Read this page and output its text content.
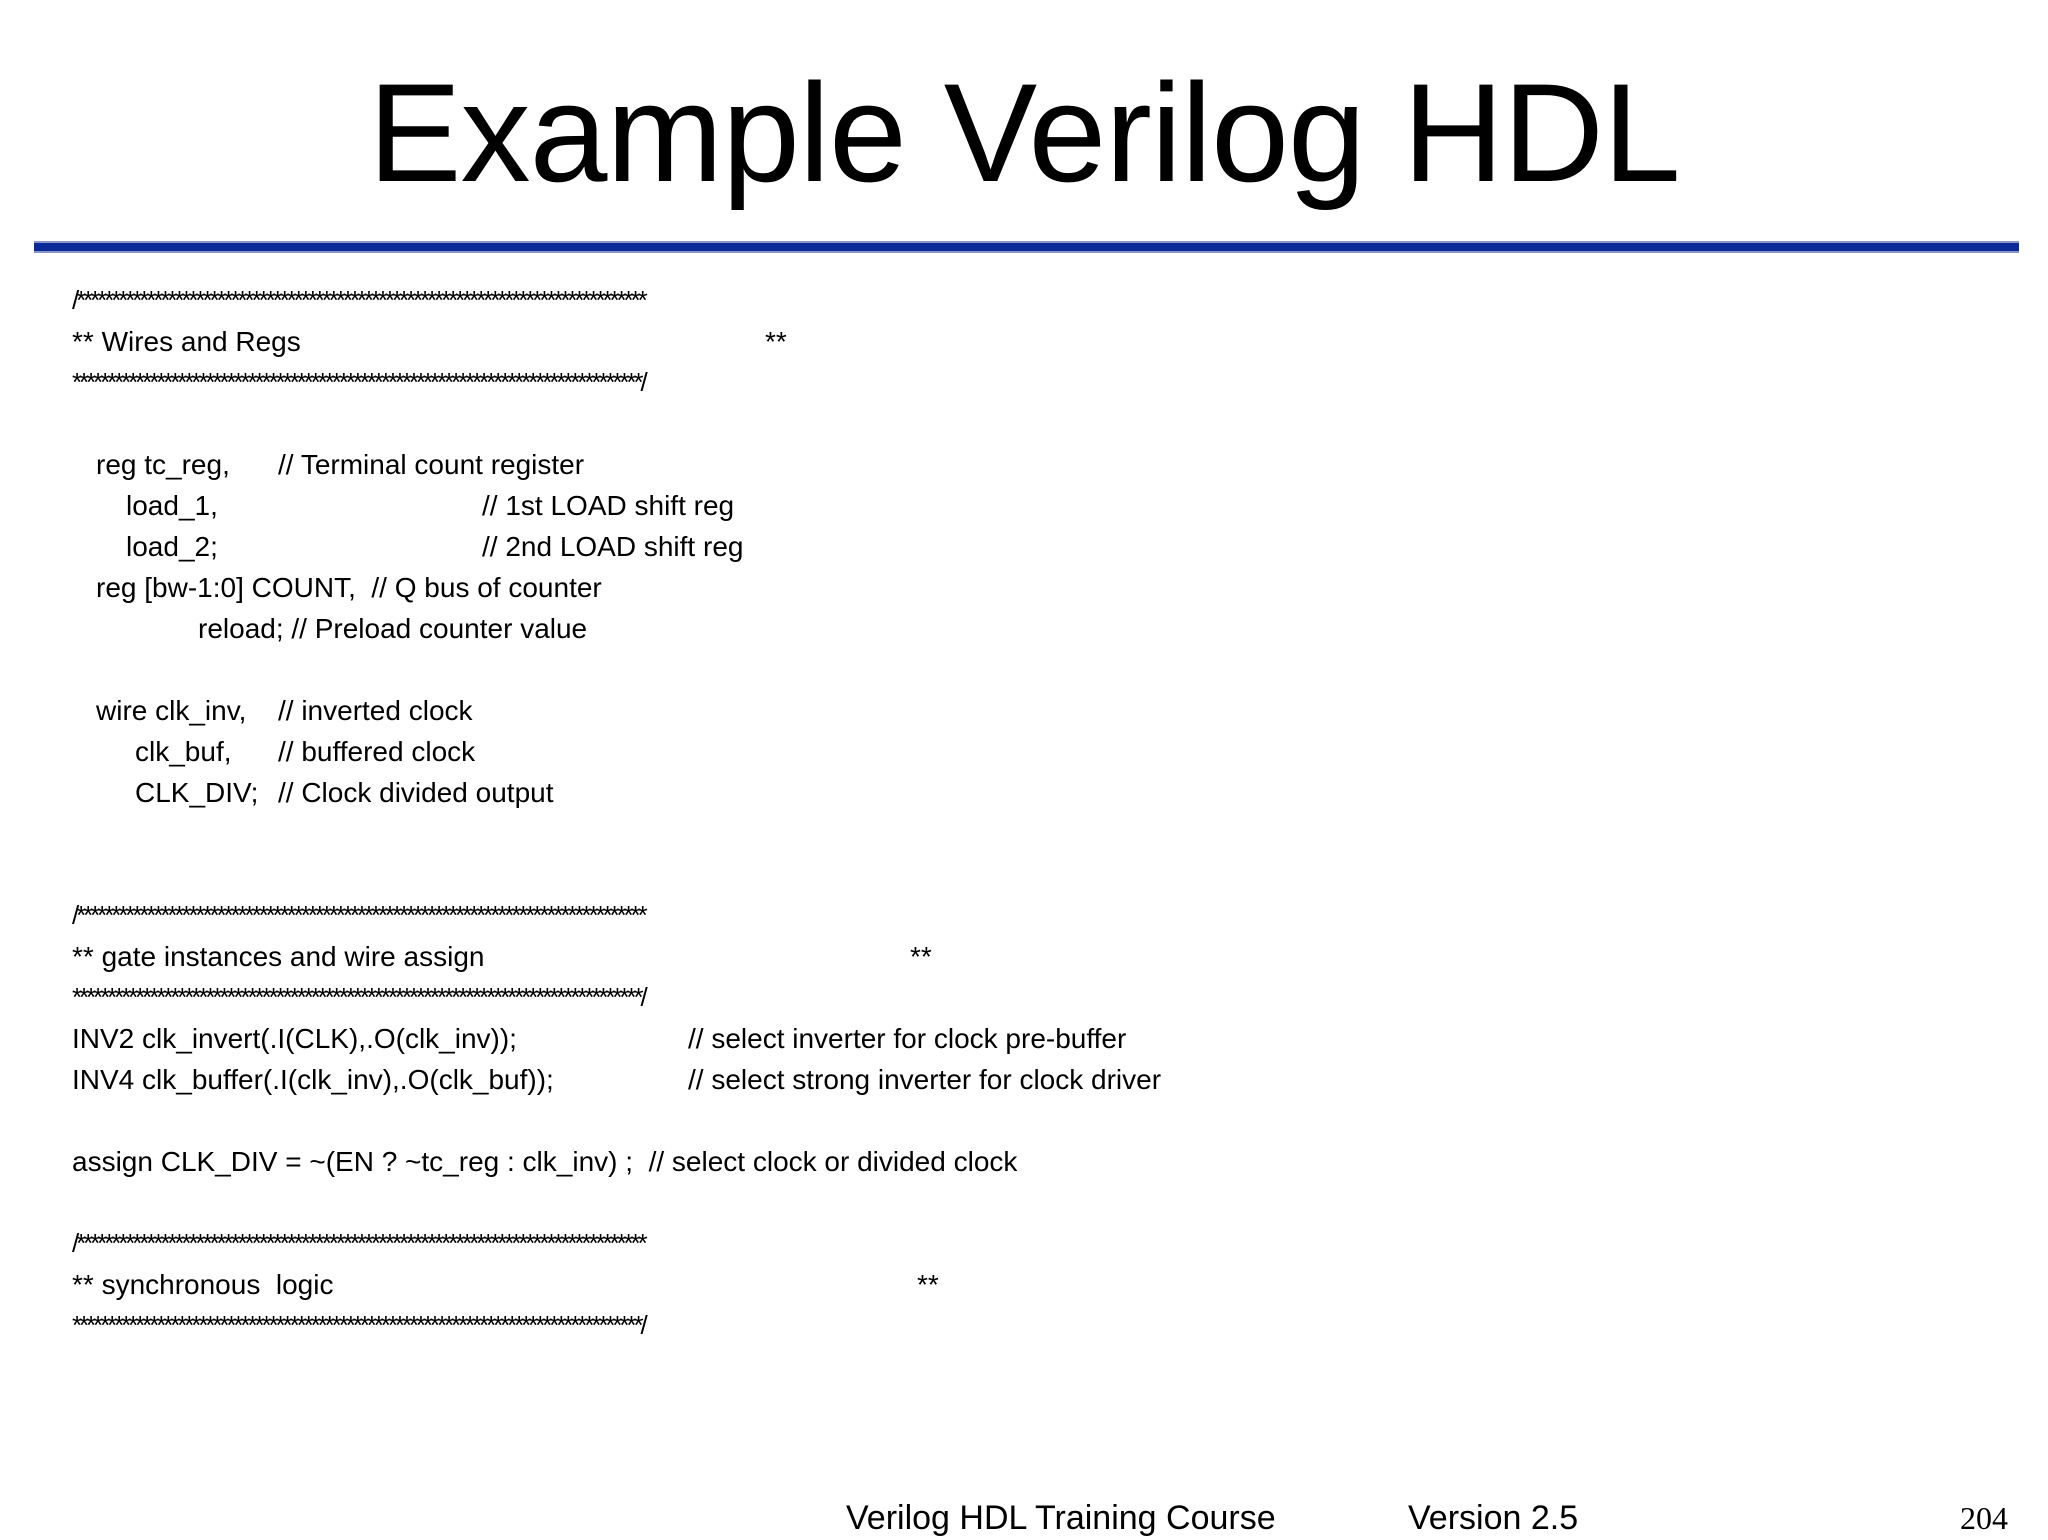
Example Verilog HDL

/*********************************************************************************

** Wires and Regs

	**

*********************************************************************************/

reg tc_reg,

// Terminal count register

load_1,

	// 1st LOAD shift reg

load_2;

	// 2nd LOAD shift reg

reg [bw-1:0] COUNT,  // Q bus of counter

reload; // Preload counter value

wire clk_inv,

// inverted clock

clk_buf,

// buffered clock

CLK_DIV;

// Clock divided output

/*********************************************************************************

** gate instances and wire assign

	**

*********************************************************************************/

INV2 clk_invert(.I(CLK),.O(clk_inv));

	// select inverter for clock pre-buffer

INV4 clk_buffer(.I(clk_inv),.O(clk_buf));

	// select strong inverter for clock driver

assign CLK_DIV = ~(EN ? ~tc_reg : clk_inv) ;  // select clock or divided clock

/*********************************************************************************

** synchronous  logic

	**

*********************************************************************************/

Verilog HDL Training Course	Version 2.5	204
